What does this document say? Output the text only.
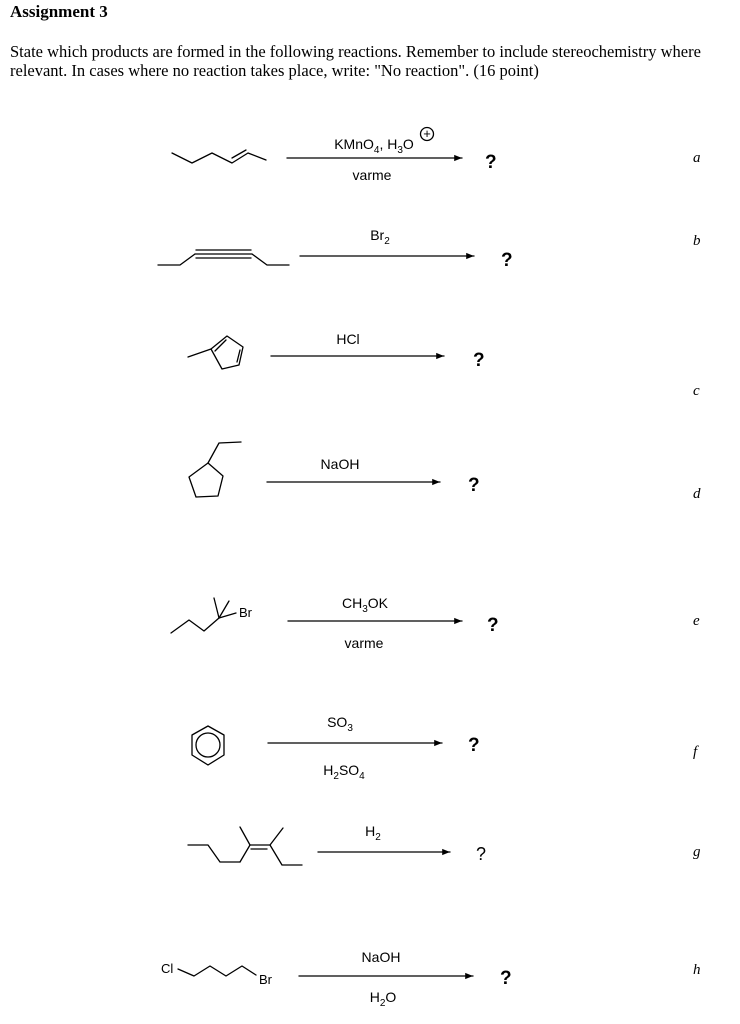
Assignment 3
State which products are formed in the following reactions. Remember to include stereochemistry where relevant. In cases where no reaction takes place, write: "No reaction". (16 point)
+
Br
Cl
Br
KMnO$_4$, $H_3O$
varme
$Br_2$
HCl
NaOH
$CH_3OK$
varme
$SO_3$
$H_2SO_4$
$H_2$
NaOH
$H_2O$
?
?
?
?
?
?
?
?
a
b
c
d
e
f
g
h
